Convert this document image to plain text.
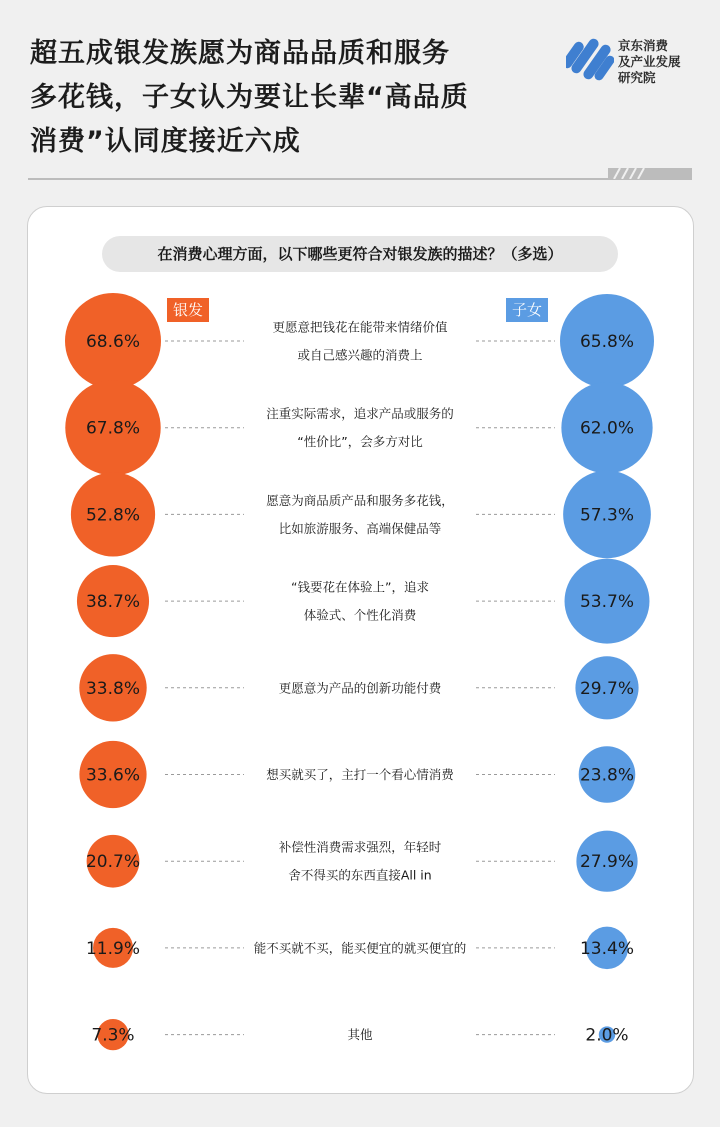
超五成银发族愿为商品品质和服务
多花钱，子女认为要让长辈“高品质
消费”认同度接近六成
京东消费
及产业发展
研究院
在消费心理方面，以下哪些更符合对银发族的描述？（多选）
银发	子女
68.6%	65.8%
更愿意把钱花在能带来情绪价值
或自己感兴趣的消费上
67.8%	62.0%
注重实际需求，追求产品或服务的
“性价比”，会多方对比
52.8%	57.3%
愿意为商品质产品和服务多花钱，
比如旅游服务、高端保健品等
38.7%	53.7%
“钱要花在体验上”，追求
体验式、个性化消费
33.8%	29.7%
更愿意为产品的创新功能付费
33.6%	23.8%
想买就买了，主打一个看心情消费
20.7%	27.9%
补偿性消费需求强烈，年轻时
舍不得买的东西直接All in
11.9%	13.4%
能不买就不买，能买便宜的就买便宜的
7.3%	2.0%
其他
